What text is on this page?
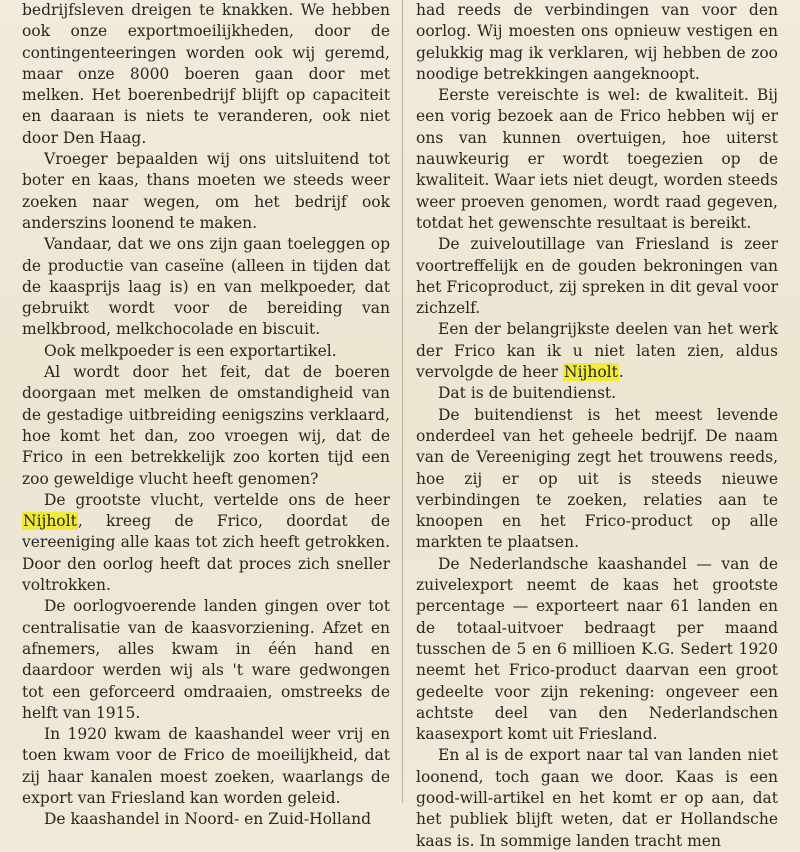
bedrijfsleven dreigen te knakken. We hebben ook onze exportmoeilijkheden, door de contingenteeringen worden ook wij geremd, maar onze 8000 boeren gaan door met melken. Het boerenbedrijf blijft op capaciteit en daaraan is niets te veranderen, ook niet door Den Haag.

Vroeger bepaalden wij ons uitsluitend tot boter en kaas, thans moeten we steeds weer zoeken naar wegen, om het bedrijf ook anderszins loonend te maken.

Vandaar, dat we ons zijn gaan toeleggen op de productie van caseïne (alleen in tijden dat de kaasprijs laag is) en van melkpoeder, dat gebruikt wordt voor de bereiding van melkbrood, melkchocolade en biscuit.

Ook melkpoeder is een exportartikel.

Al wordt door het feit, dat de boeren doorgaan met melken de omstandigheid van de gestadige uitbreiding eenigszins verklaard, hoe komt het dan, zoo vroegen wij, dat de Frico in een betrekkelijk zoo korten tijd een zoo geweldige vlucht heeft genomen?

De grootste vlucht, vertelde ons de heer Nijholt, kreeg de Frico, doordat de vereeniging alle kaas tot zich heeft getrokken. Door den oorlog heeft dat proces zich sneller voltrokken.

De oorlogvoerende landen gingen over tot centralisatie van de kaasvorziening. Afzet en afnemers, alles kwam in één hand en daardoor werden wij als 't ware gedwongen tot een geforceerd omdraaien, omstreeks de helft van 1915.

In 1920 kwam de kaashandel weer vrij en toen kwam voor de Frico de moeilijkheid, dat zij haar kanalen moest zoeken, waarlangs de export van Friesland kan worden geleid.

De kaashandel in Noord- en Zuid-Holland

had reeds de verbindingen van voor den oorlog. Wij moesten ons opnieuw vestigen en gelukkig mag ik verklaren, wij hebben de zoo noodige betrekkingen aangeknoopt.

Eerste vereischte is wel: de kwaliteit. Bij een vorig bezoek aan de Frico hebben wij er ons van kunnen overtuigen, hoe uiterst nauwkeurig er wordt toegezien op de kwaliteit. Waar iets niet deugt, worden steeds weer proeven genomen, wordt raad gegeven, totdat het gewenschte resultaat is bereikt.

De zuiveloutillage van Friesland is zeer voortreffelijk en de gouden bekroningen van het Fricoproduct, zij spreken in dit geval voor zichzelf.

Een der belangrijkste deelen van het werk der Frico kan ik u niet laten zien, aldus vervolgde de heer Nijholt.

Dat is de buitendienst.

De buitendienst is het meest levende onderdeel van het geheele bedrijf. De naam van de Vereeniging zegt het trouwens reeds, hoe zij er op uit is steeds nieuwe verbindingen te zoeken, relaties aan te knoopen en het Frico-product op alle markten te plaatsen.

De Nederlandsche kaashandel — van de zuivelexport neemt de kaas het grootste percentage — exporteert naar 61 landen en de totaal-uitvoer bedraagt per maand tusschen de 5 en 6 millioen K.G. Sedert 1920 neemt het Frico-product daarvan een groot gedeelte voor zijn rekening: ongeveer een achtste deel van den Nederlandschen kaasexport komt uit Friesland.

En al is de export naar tal van landen niet loonend, toch gaan we door. Kaas is een good-will-artikel en het komt er op aan, dat het publiek blijft weten, dat er Hollandsche kaas is. In sommige landen tracht men
